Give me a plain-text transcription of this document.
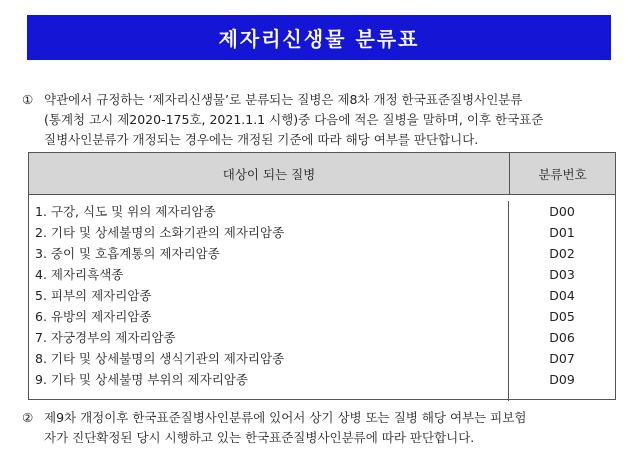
제자리신생물 분류표
① 약관에서 규정하는 ‘제자리신생물’로 분류되는 질병은 제8차 개정 한국표준질병사인분류
(통계청 고시 제2020-175호, 2021.1.1 시행)중 다음에 적은 질병을 말하며, 이후 한국표준
질병사인분류가 개정되는 경우에는 개정된 기준에 따라 해당 여부를 판단합니다.
대상이 되는 질병	분류번호
1. 구강, 식도 및 위의 제자리암종
2. 기타 및 상세불명의 소화기관의 제자리암종
3. 중이 및 호흡계통의 제자리암종
4. 제자리흑색종
5. 피부의 제자리암종
6. 유방의 제자리암종
7. 자궁경부의 제자리암종
8. 기타 및 상세불명의 생식기관의 제자리암종
9. 기타 및 상세불명 부위의 제자리암종
D00
D01
D02
D03
D04
D05
D06
D07
D09
② 제9차 개정이후 한국표준질병사인분류에 있어서 상기 상병 또는 질병 해당 여부는 피보험
자가 진단확정된 당시 시행하고 있는 한국표준질병사인분류에 따라 판단합니다.
